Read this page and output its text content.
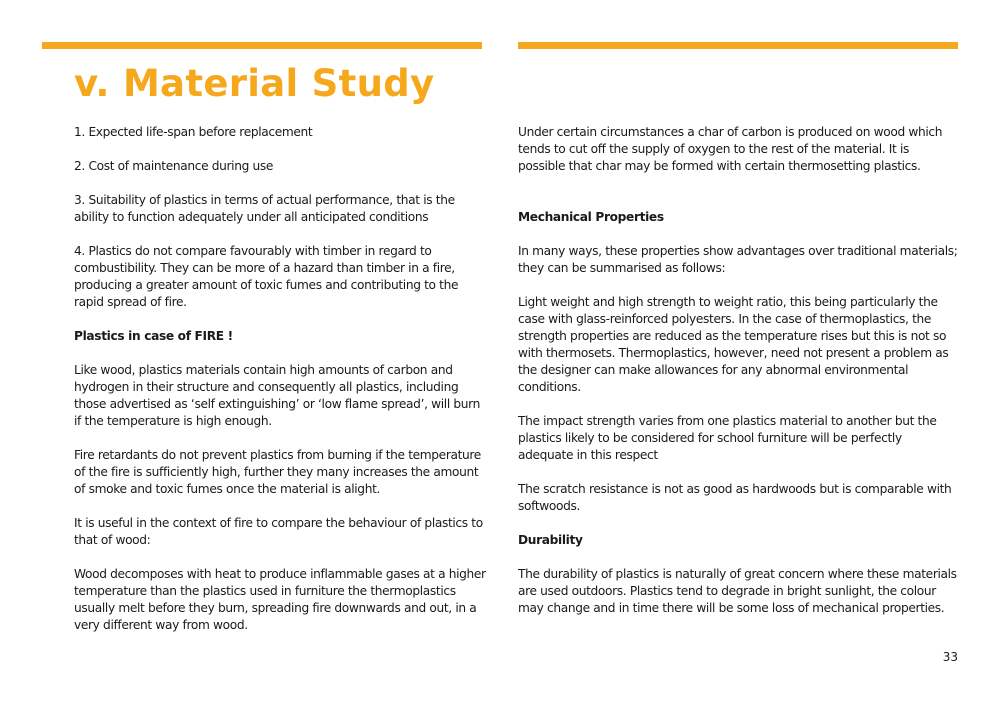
v. Material Study

1. Expected life-span before replacement

2. Cost of maintenance during use

3. Suitability of plastics in terms of actual performance, that is the ability to function adequately under all anticipated conditions

4. Plastics do not compare favourably with timber in regard to combustibility. They can be more of a hazard than timber in a fire, producing a greater amount of toxic fumes and contributing to the rapid spread of fire.

Plastics in case of FIRE !

Like wood, plastics materials contain high amounts of carbon and hydrogen in their structure and consequently all plastics, including those advertised as ‘self extinguishing’ or ‘low flame spread’, will burn if the temperature is high enough.

Fire retardants do not prevent plastics from burning if the temperature of the fire is sufficiently high, further they many increases the amount of smoke and toxic fumes once the material is alight.

It is useful in the context of fire to compare the behaviour of plastics to that of wood:

Wood decomposes with heat to produce inflammable gases at a higher temperature than the plastics used in furniture the thermoplastics usually melt before they burn, spreading fire downwards and out, in a very different way from wood.

Under certain circumstances a char of carbon is produced on wood which tends to cut off the supply of oxygen to the rest of the material. It is possible that char may be formed with certain thermosetting plastics.

Mechanical Properties

In many ways, these properties show advantages over traditional materials; they can be summarised as follows:

Light weight and high strength to weight ratio, this being particularly the case with glass-reinforced polyesters. In the case of thermoplastics, the strength properties are reduced as the temperature rises but this is not so with thermosets. Thermoplastics, however, need not present a problem as the designer can make allowances for any abnormal environmental conditions.

The impact strength varies from one plastics material to another but the plastics likely to be considered for school furniture will be perfectly adequate in this respect

The scratch resistance is not as good as hardwoods but is comparable with softwoods.

Durability

The durability of plastics is naturally of great concern where these materials are used outdoors. Plastics tend to degrade in bright sunlight, the colour may change and in time there will be some loss of mechanical properties.

33
